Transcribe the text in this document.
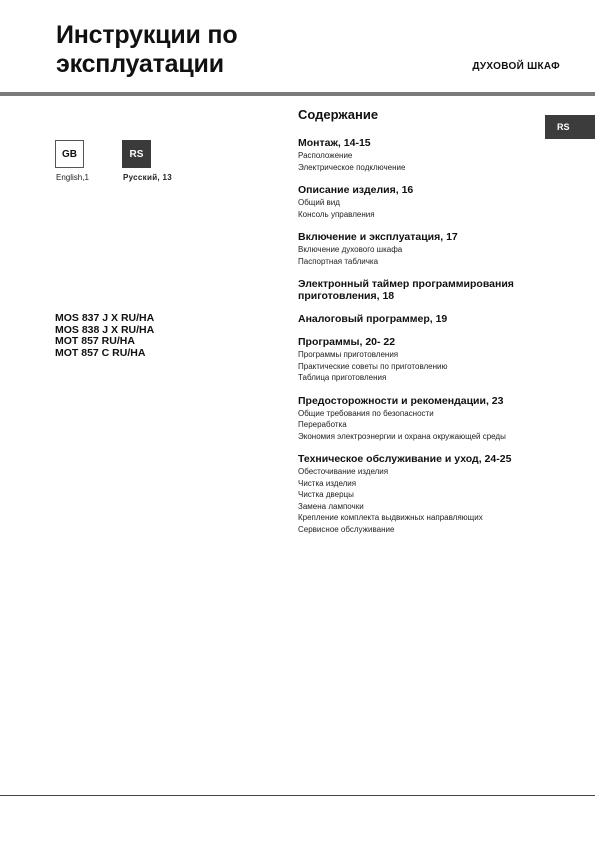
Инструкции по
эксплуатации	ДУХОВОЙ ШКАФ
RS
GB	RS
English,1	Русский, 13
MOS 837 J X RU/HA
MOS 838 J X RU/HA
MOT 857 RU/HA
MOT 857 C RU/HA
Содержание
Монтаж, 14-15
Расположение
Электрическое подключение
Описание изделия, 16
Общий вид
Консоль управления
Включение и эксплуатация, 17
Включение духового шкафа
Паспортная табличка
Электронный таймер программирования приготовления, 18
Аналоговый программер, 19
Программы, 20- 22
Программы приготовления
Практические советы по приготовлению
Таблица приготовления
Предосторожности и рекомендации, 23
Общие требования по безопасности
Переработка
Экономия электроэнергии и охрана окружающей среды
Техническое обслуживание и уход, 24-25
Обесточивание изделия
Чистка изделия
Чистка дверцы
Замена лампочки
Крепление комплекта выдвижных направляющих
Сервисное обслуживание
